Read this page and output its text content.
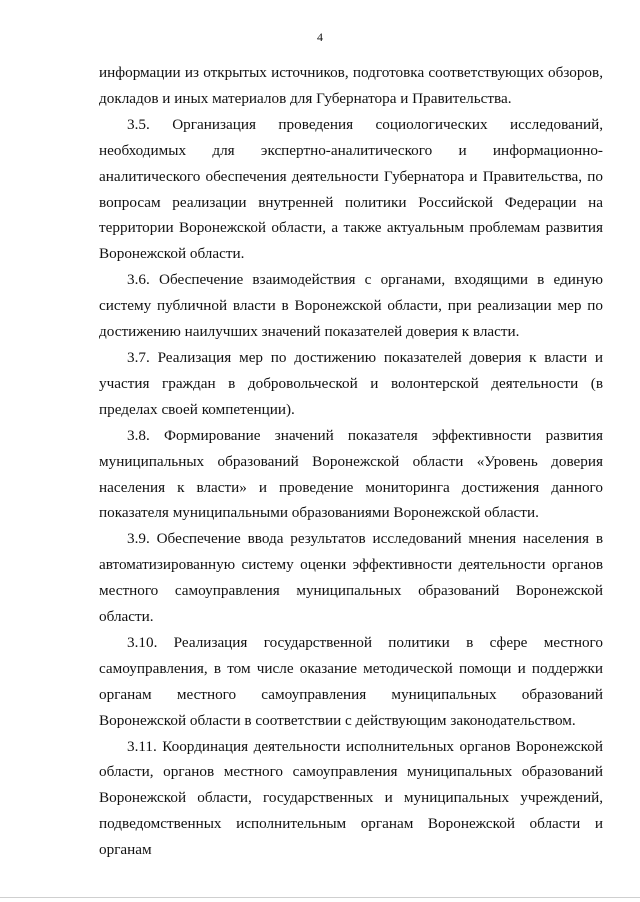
4

информации из открытых источников, подготовка соответствующих обзоров, докладов и иных материалов для Губернатора и Правительства.

3.5. Организация проведения социологических исследований, необходимых для экспертно-аналитического и информационно-аналитического обеспечения деятельности Губернатора и Правительства, по вопросам реализации внутренней политики Российской Федерации на территории Воронежской области, а также актуальным проблемам развития Воронежской области.

3.6. Обеспечение взаимодействия с органами, входящими в единую систему публичной власти в Воронежской области, при реализации мер по достижению наилучших значений показателей доверия к власти.

3.7. Реализация мер по достижению показателей доверия к власти и участия граждан в добровольческой и волонтерской деятельности (в пределах своей компетенции).

3.8. Формирование значений показателя эффективности развития муниципальных образований Воронежской области «Уровень доверия населения к власти» и проведение мониторинга достижения данного показателя муниципальными образованиями Воронежской области.

3.9. Обеспечение ввода результатов исследований мнения населения в автоматизированную систему оценки эффективности деятельности органов местного самоуправления муниципальных образований Воронежской области.

3.10. Реализация государственной политики в сфере местного самоуправления, в том числе оказание методической помощи и поддержки органам местного самоуправления муниципальных образований Воронежской области в соответствии с действующим законодательством.

3.11. Координация деятельности исполнительных органов Воронежской области, органов местного самоуправления муниципальных образований Воронежской области, государственных и муниципальных учреждений, подведомственных исполнительным органам Воронежской области и органам
